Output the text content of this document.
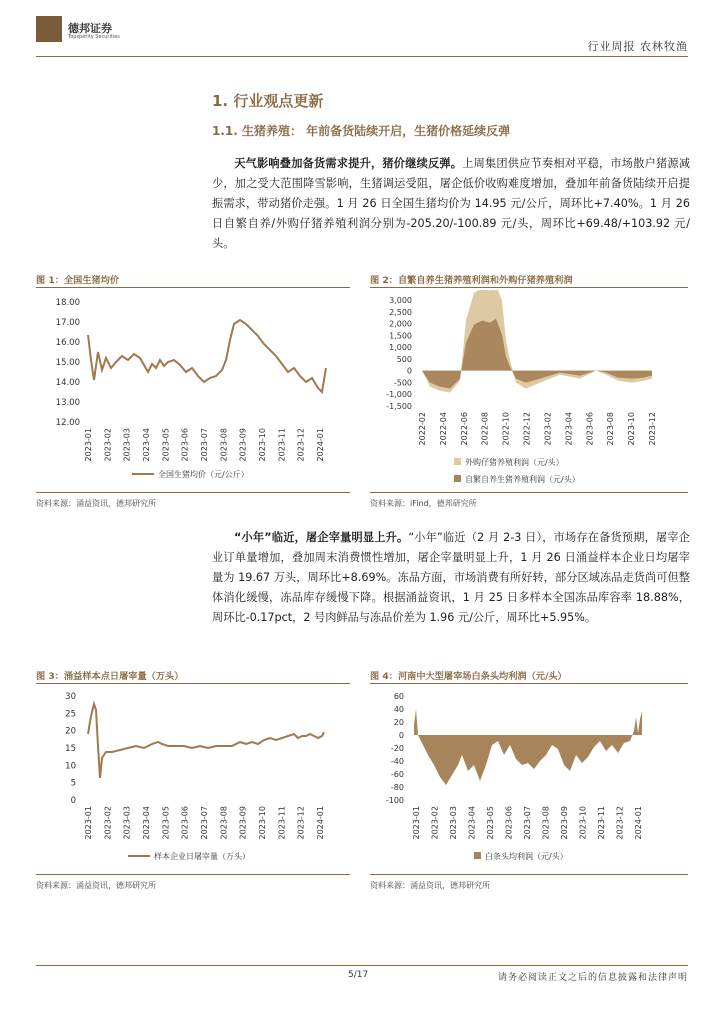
德邦证券
Topsperity Securities
行业周报 农林牧渔
1. 行业观点更新
1.1. 生猪养殖： 年前备货陆续开启，生猪价格延续反弹
天气影响叠加备货需求提升，猪价继续反弹。上周集团供应节奏相对平稳，市场散户猪源减少，加之受大范围降雪影响，生猪调运受阻，屠企低价收购难度增加，叠加年前备货陆续开启提振需求，带动猪价走强。1 月 26 日全国生猪均价为 14.95 元/公斤，周环比+7.40%。1 月 26 日自繁自养/外购仔猪养殖利润分别为-205.20/-100.89 元/头，周环比+69.48/+103.92 元/头。
图 1：全国生猪均价
18.00
17.00
16.00
15.00
14.00
13.00
12.00
2023-01 2023-02 2023-03 2023-04 2023-05 2023-06 2023-07 2023-08 2023-09 2023-10 2023-11 2023-12 2024-01
全国生猪均价（元/公斤）
资料来源：涌益资讯，德邦研究所
图 2：自繁自养生猪养殖利润和外购仔猪养殖利润
3,000
2,500
2,000
1,500
1,000
500
0
-500
-1,000
-1,500
2022-02 2022-04 2022-06 2022-08 2022-10 2022-12 2023-02 2023-04 2023-06 2023-08 2023-10 2023-12
外购仔猪养殖利润（元/头）
自繁自养生猪养殖利润（元/头）
资料来源：iFind，德邦研究所
“小年”临近，屠企宰量明显上升。“小年”临近（2 月 2-3 日），市场存在备货预期，屠宰企业订单量增加，叠加周末消费惯性增加，屠企宰量明显上升，1 月 26 日涌益样本企业日均屠宰量为 19.67 万头，周环比+8.69%。冻品方面，市场消费有所好转，部分区域冻品走货尚可但整体消化缓慢，冻品库存缓慢下降。根据涌益资讯，1 月 25 日多样本全国冻品库容率 18.88%，周环比-0.17pct，2 号肉鲜品与冻品价差为 1.96 元/公斤，周环比+5.95%。
图 3：涌益样本点日屠宰量（万头）
30
25
20
15
10
5
0
2023-01 2023-02 2023-03 2023-04 2023-05 2023-06 2023-07 2023-08 2023-09 2023-10 2023-11 2023-12 2024-01
样本企业日屠宰量（万头）
资料来源：涌益资讯，德邦研究所
图 4：河南中大型屠宰场白条头均利润（元/头）
60
40
20
0
-20
-40
-60
-80
-100
2023-01 2023-02 2023-03 2023-04 2023-05 2023-06 2023-07 2023-08 2023-09 2023-10 2023-11 2023-12 2024-01
白条头均利润（元/头）
资料来源：涌益资讯，德邦研究所
5/17	请务必阅读正文之后的信息披露和法律声明
